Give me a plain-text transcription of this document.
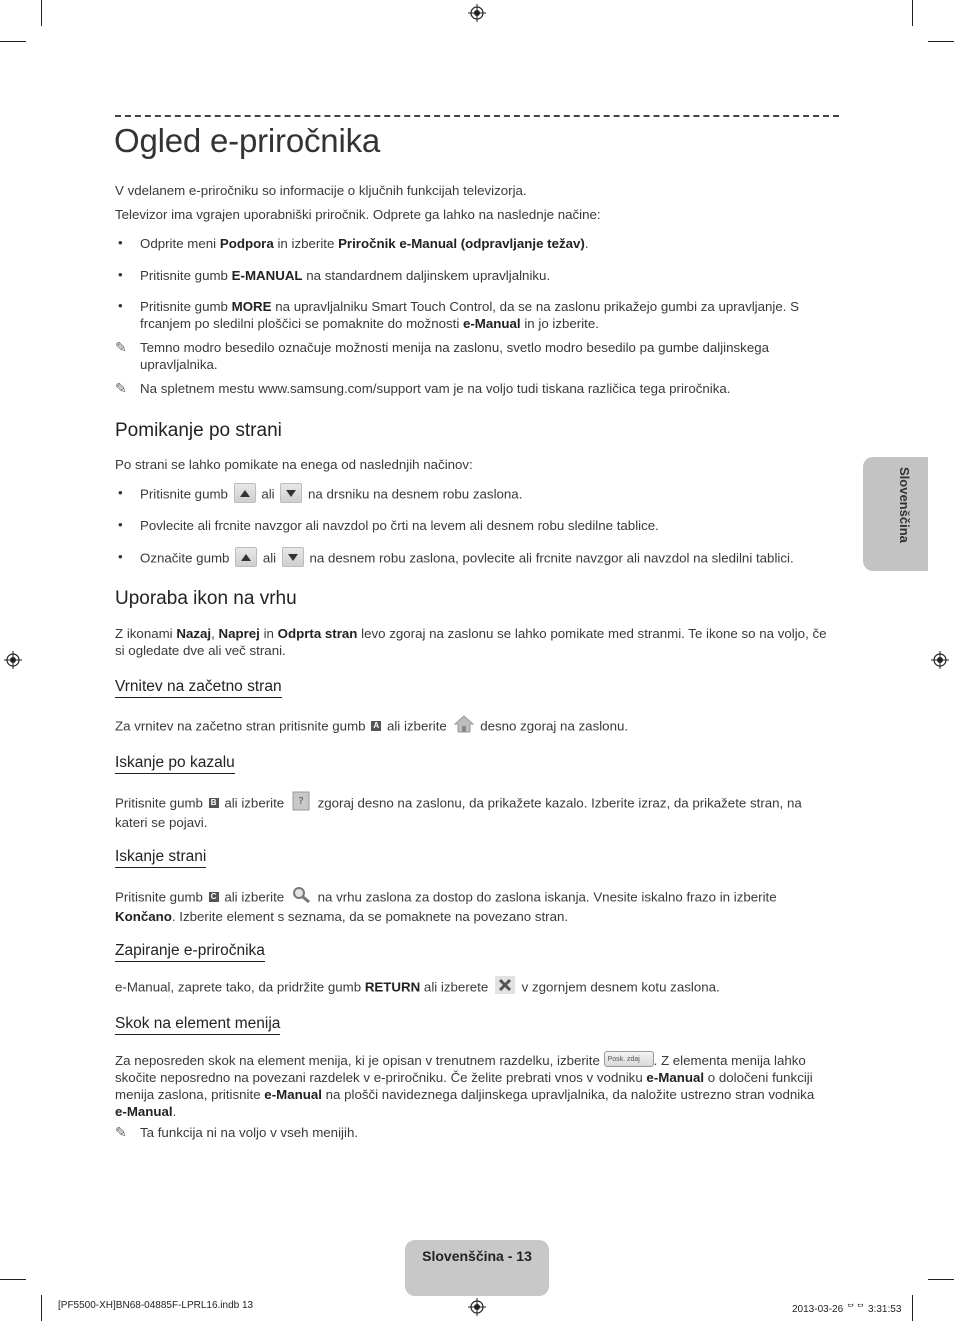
Ogled e-priročnika

V vdelanem e-priročniku so informacije o ključnih funkcijah televizorja.

Televizor ima vgrajen uporabniški priročnik. Odprete ga lahko na naslednje načine:

• Odprite meni Podpora in izberite Priročnik e-Manual (odpravljanje težav).

• Pritisnite gumb E-MANUAL na standardnem daljinskem upravljalniku.

• Pritisnite gumb MORE na upravljalniku Smart Touch Control, da se na zaslonu prikažejo gumbi za upravljanje. S frcanjem po sledilni ploščici se pomaknite do možnosti e-Manual in jo izberite.

✎ Temno modro besedilo označuje možnosti menija na zaslonu, svetlo modro besedilo pa gumbe daljinskega upravljalnika.

✎ Na spletnem mestu www.samsung.com/support vam je na voljo tudi tiskana različica tega priročnika.

Pomikanje po strani

Po strani se lahko pomikate na enega od naslednjih načinov:

• Pritisnite gumb  ali  na drsniku na desnem robu zaslona.

• Povlecite ali frcnite navzgor ali navzdol po črti na levem ali desnem robu sledilne tablice.

• Označite gumb  ali  na desnem robu zaslona, povlecite ali frcnite navzgor ali navzdol na sledilni tablici.

Uporaba ikon na vrhu

Z ikonami Nazaj, Naprej in Odprta stran levo zgoraj na zaslonu se lahko pomikate med stranmi. Te ikone so na voljo, če si ogledate dve ali več strani.

Vrnitev na začetno stran

Za vrnitev na začetno stran pritisnite gumb A ali izberite  desno zgoraj na zaslonu.

Iskanje po kazalu

Pritisnite gumb B ali izberite ? zgoraj desno na zaslonu, da prikažete kazalo. Izberite izraz, da prikažete stran, na kateri se pojavi.

Iskanje strani

Pritisnite gumb C ali izberite  na vrhu zaslona za dostop do zaslona iskanja. Vnesite iskalno frazo in izberite Končano. Izberite element s seznama, da se pomaknete na povezano stran.

Zapiranje e-priročnika

e-Manual, zaprete tako, da pridržite gumb RETURN ali izberete  v zgornjem desnem kotu zaslona.

Skok na element menija

Za neposreden skok na element menija, ki je opisan v trenutnem razdelku, izberite Posk. zdaj . Z elementa menija lahko skočite neposredno na povezani razdelek v e-priročniku. Če želite prebrati vnos v vodniku e-Manual o določeni funkciji menija zaslona, pritisnite e-Manual na plošči navideznega daljinskega upravljalnika, da naložite ustrezno stran vodnika e-Manual.

✎ Ta funkcija ni na voljo v vseh menijih.

Slovenščina
Slovenščina - 13
[PF5500-XH]BN68-04885F-LPRL16.indb 13	2013-03-26 ᄆᄆ 3:31:53
